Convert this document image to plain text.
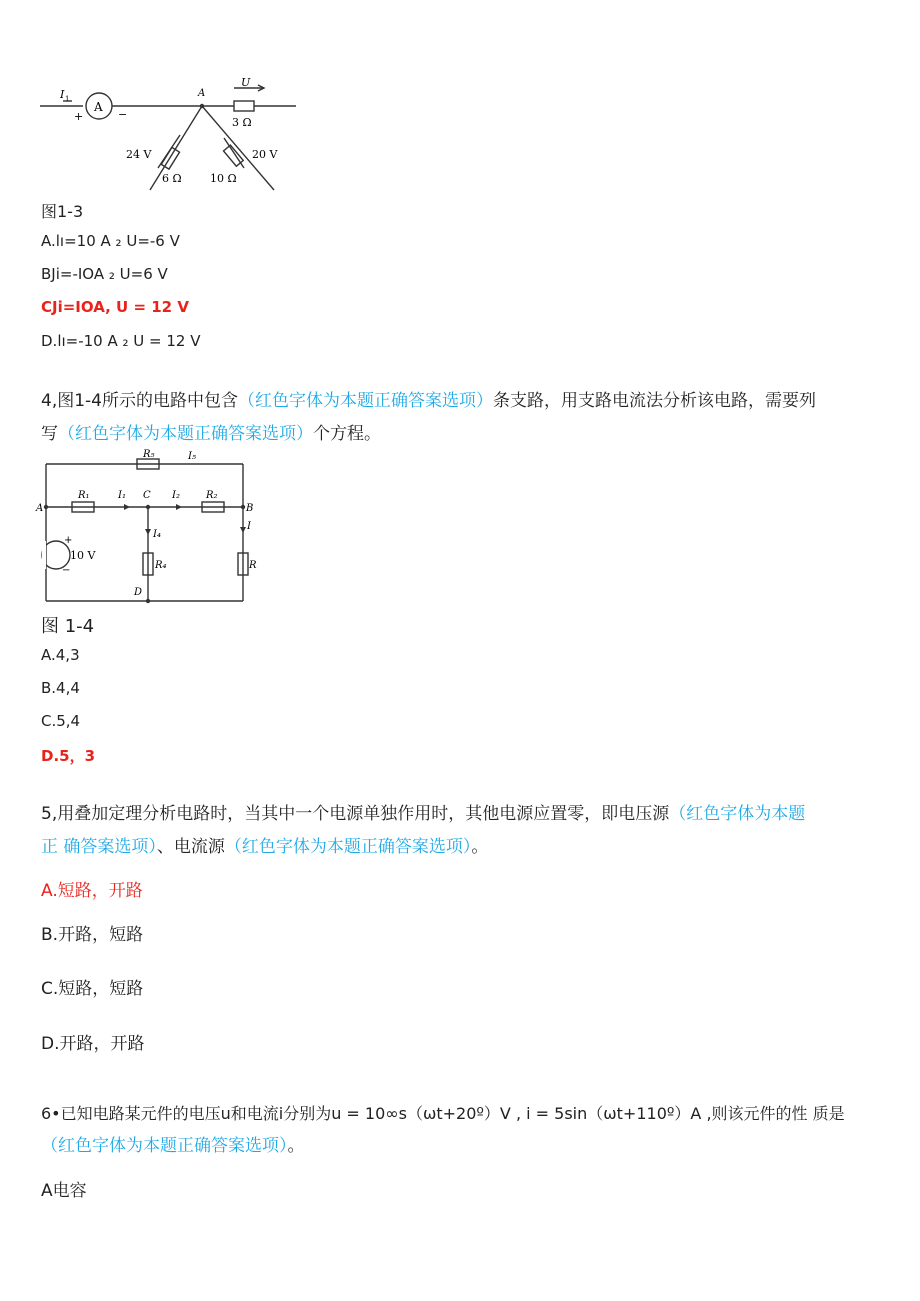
I 1
A
+	−
A
U
3 Ω
24 V
6 Ω	10 Ω
20 V
图1-3
A.lı=10 A ₂ U=-6 V
BJi=-IOA ₂ U=6 V
CJi=IOA, U = 12 V
D.lı=-10 A ₂ U = 12 V
4,图1-4所示的电路中包含（红色字体为本题正确答案选项）条支路，用支路电流法分析该电路，需要列
写（红色字体为本题正确答案选项）个方程。
R₅	I₅
A
R₁	I₁ C I₂	R₂
B
I₄
R₄
I
R
10 V
+
−
D
图 1-4
A.4,3
B.4,4
C.5,4
D.5，3
5,用叠加定理分析电路时，当其中一个电源单独作用时，其他电源应置零，即电压源（红色字体为本题
正 确答案选项）、电流源（红色字体为本题正确答案选项）。
A.短路，开路
B.开路，短路
C.短路，短路
D.开路，开路
6•已知电路某元件的电压u和电流i分别为u = 10∞s（ωt+20º）V , i = 5sin（ωt+110º）A ,则该元件的性 质是
（红色字体为本题正确答案选项）。
A电容
